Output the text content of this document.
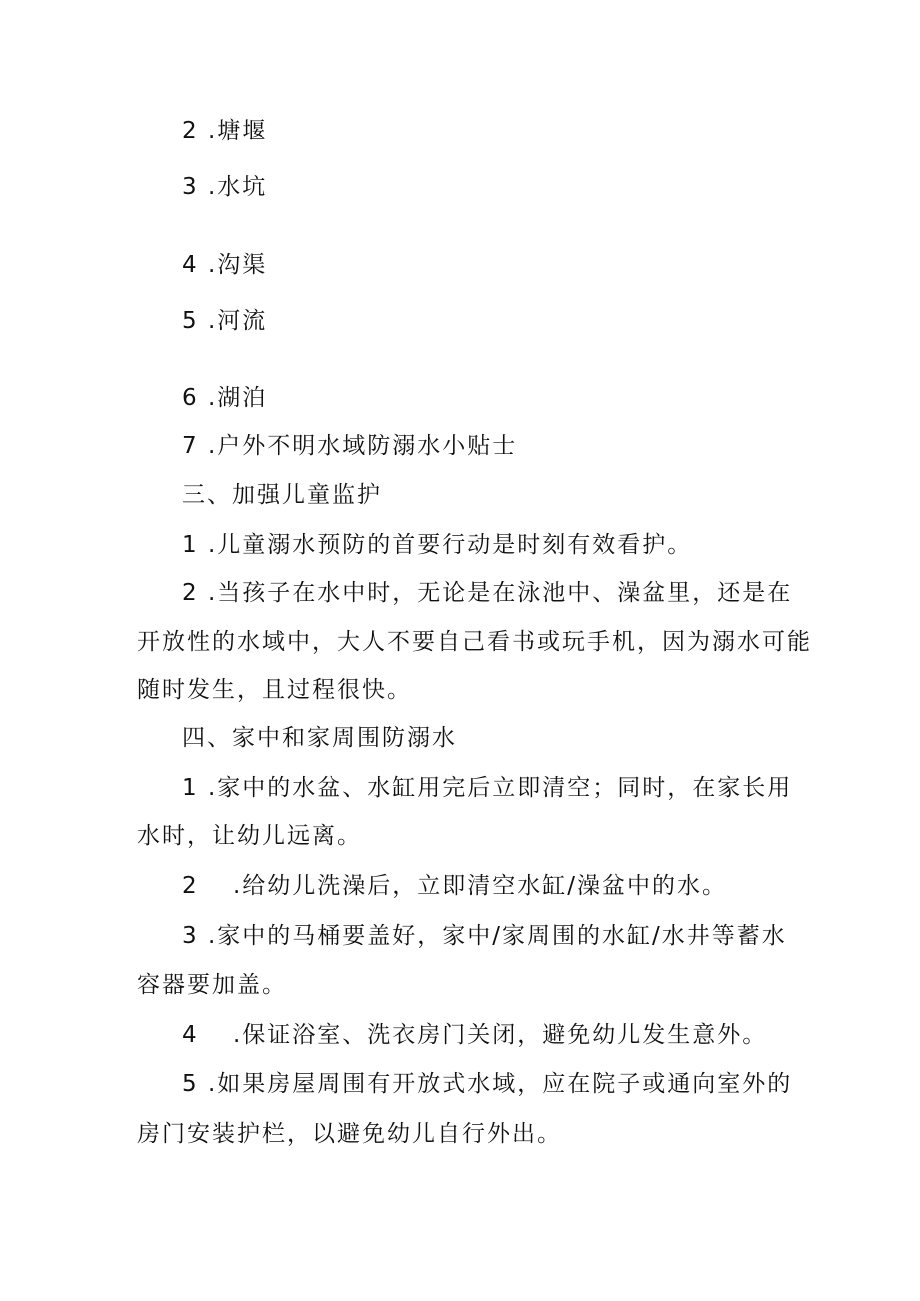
2 .塘堰

3 .水坑

4 .沟渠

5 .河流

6 .湖泊

7 .户外不明水域防溺水小贴士

三、加强儿童监护

1 .儿童溺水预防的首要行动是时刻有效看护。

2 .当孩子在水中时，无论是在泳池中、澡盆里，还是在

开放性的水域中，大人不要自己看书或玩手机，因为溺水可能

随时发生，且过程很快。

四、家中和家周围防溺水

1 .家中的水盆、水缸用完后立即清空；同时，在家长用

水时，让幼儿远离。

2　 .给幼儿洗澡后，立即清空水缸/澡盆中的水。

3 .家中的马桶要盖好，家中/家周围的水缸/水井等蓄水

容器要加盖。

4　 .保证浴室、洗衣房门关闭，避免幼儿发生意外。

5 .如果房屋周围有开放式水域，应在院子或通向室外的

房门安装护栏，以避免幼儿自行外出。
